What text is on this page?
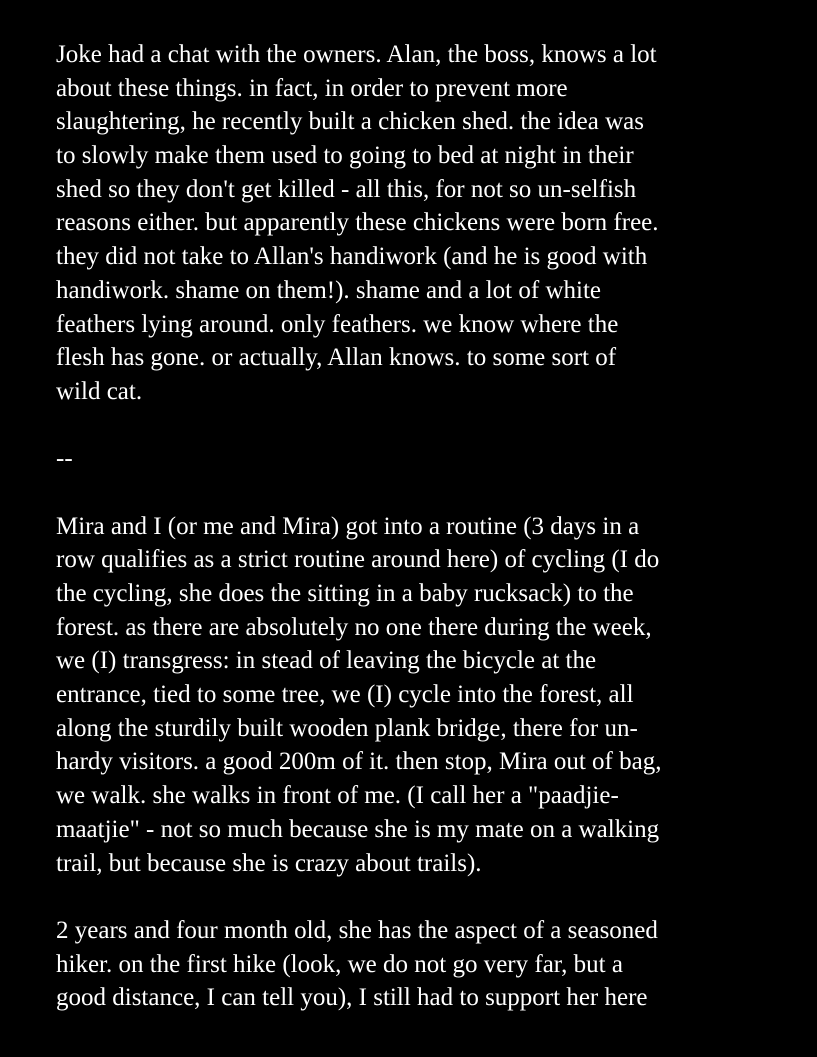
Joke had a chat with the owners. Alan, the boss, knows a lot
about these things. in fact, in order to prevent more
slaughtering, he recently built a chicken shed. the idea was
to slowly make them used to going to bed at night in their
shed so they don't get killed - all this, for not so un-selfish
reasons either. but apparently these chickens were born free.
they did not take to Allan's handiwork (and he is good with
handiwork. shame on them!). shame and a lot of white
feathers lying around. only feathers. we know where the
flesh has gone. or actually, Allan knows. to some sort of
wild cat.
--
Mira and I (or me and Mira) got into a routine (3 days in a
row qualifies as a strict routine around here) of cycling (I do
the cycling, she does the sitting in a baby rucksack) to the
forest. as there are absolutely no one there during the week,
we (I) transgress: in stead of leaving the bicycle at the
entrance, tied to some tree, we (I) cycle into the forest, all
along the sturdily built wooden plank bridge, there for un-
hardy visitors. a good 200m of it. then stop, Mira out of bag,
we walk. she walks in front of me. (I call her a "paadjie-
maatjie" - not so much because she is my mate on a walking
trail, but because she is crazy about trails).
2 years and four month old, she has the aspect of a seasoned
hiker. on the first hike (look, we do not go very far, but a
good distance, I can tell you), I still had to support her here
